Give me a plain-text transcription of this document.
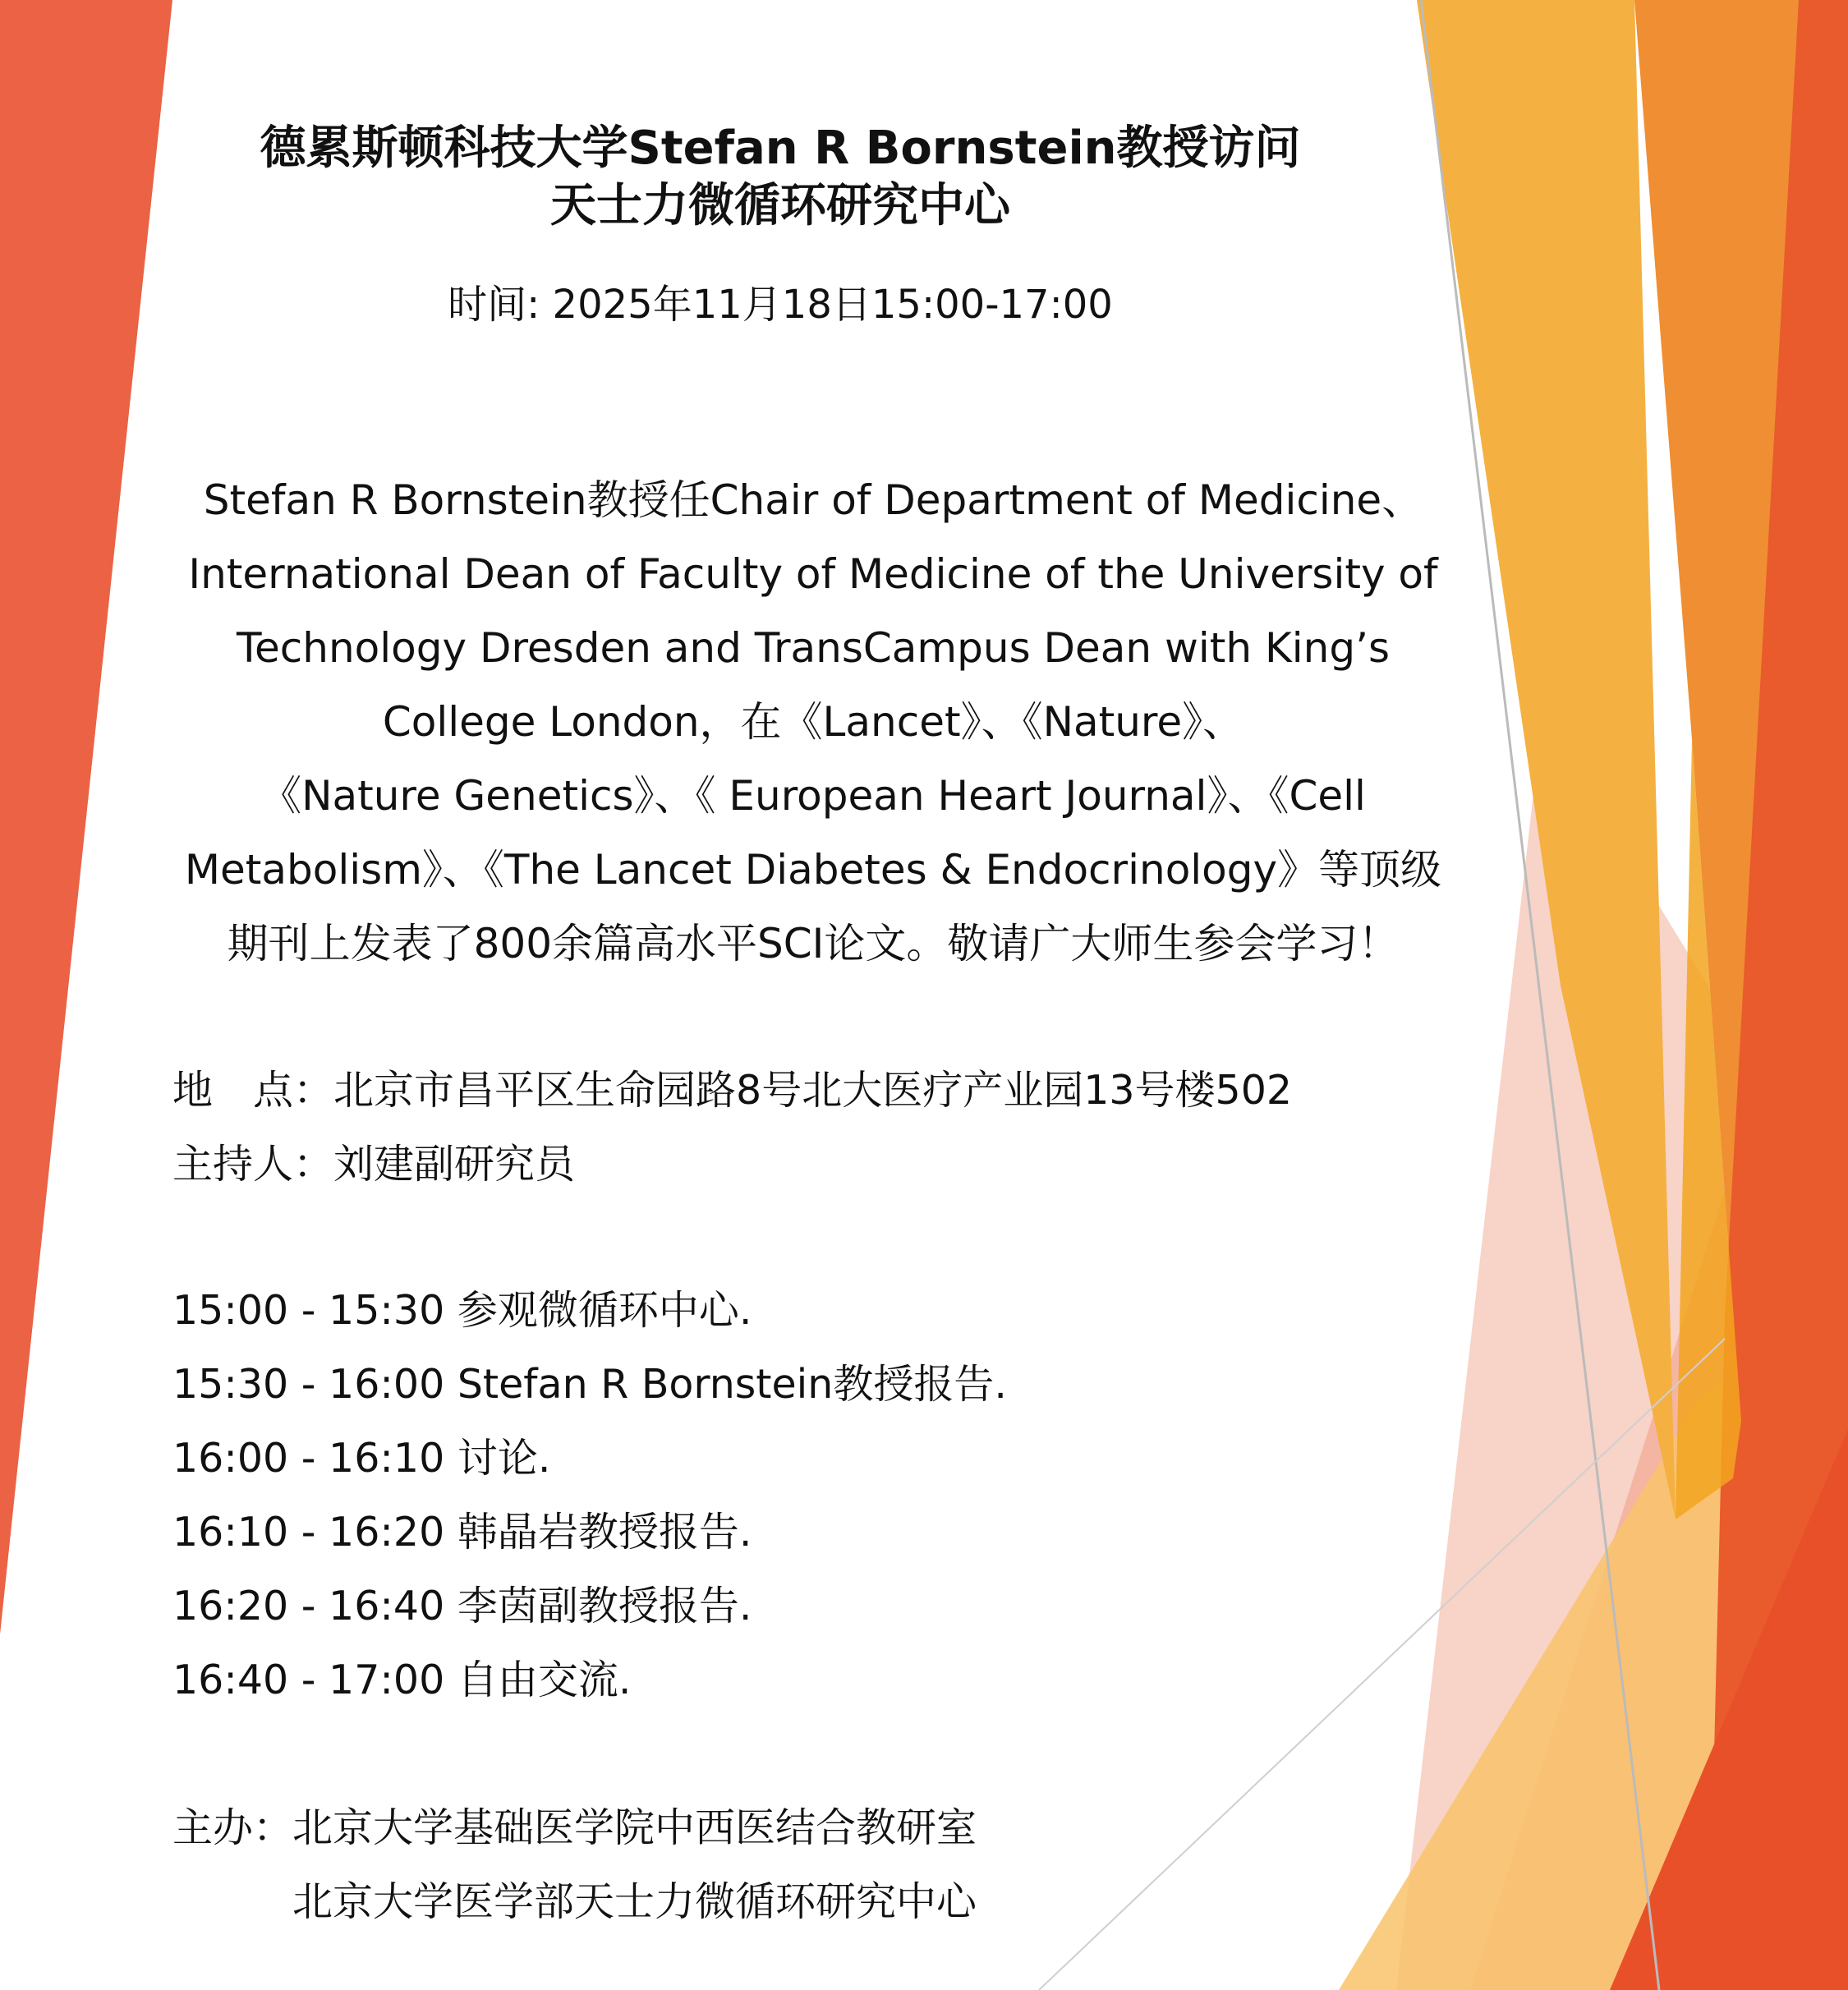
德累斯顿科技大学Stefan R Bornstein教授访问
天士力微循环研究中心
时间: 2025年11月18日15:00-17:00
Stefan R Bornstein教授任Chair of Department of Medicine、
International Dean of Faculty of Medicine of the University of
Technology Dresden and TransCampus Dean with King’s
College London，在《Lancet》、《Nature》、
《Nature Genetics》、《 European Heart Journal》、《Cell
Metabolism》、《The Lancet Diabetes & Endocrinology》等顶级
期刊上发表了800余篇高水平SCI论文。敬请广大师生参会学习！
地　点：北京市昌平区生命园路8号北大医疗产业园13号楼502
主持人：刘建副研究员
15:00 - 15:30 参观微循环中心.
15:30 - 16:00 Stefan R Bornstein教授报告.
16:00 - 16:10 讨论.
16:10 - 16:20 韩晶岩教授报告.
16:20 - 16:40 李茵副教授报告.
16:40 - 17:00 自由交流.
主办：
北京大学基础医学院中西医结合教研室
北京大学医学部天士力微循环研究中心
